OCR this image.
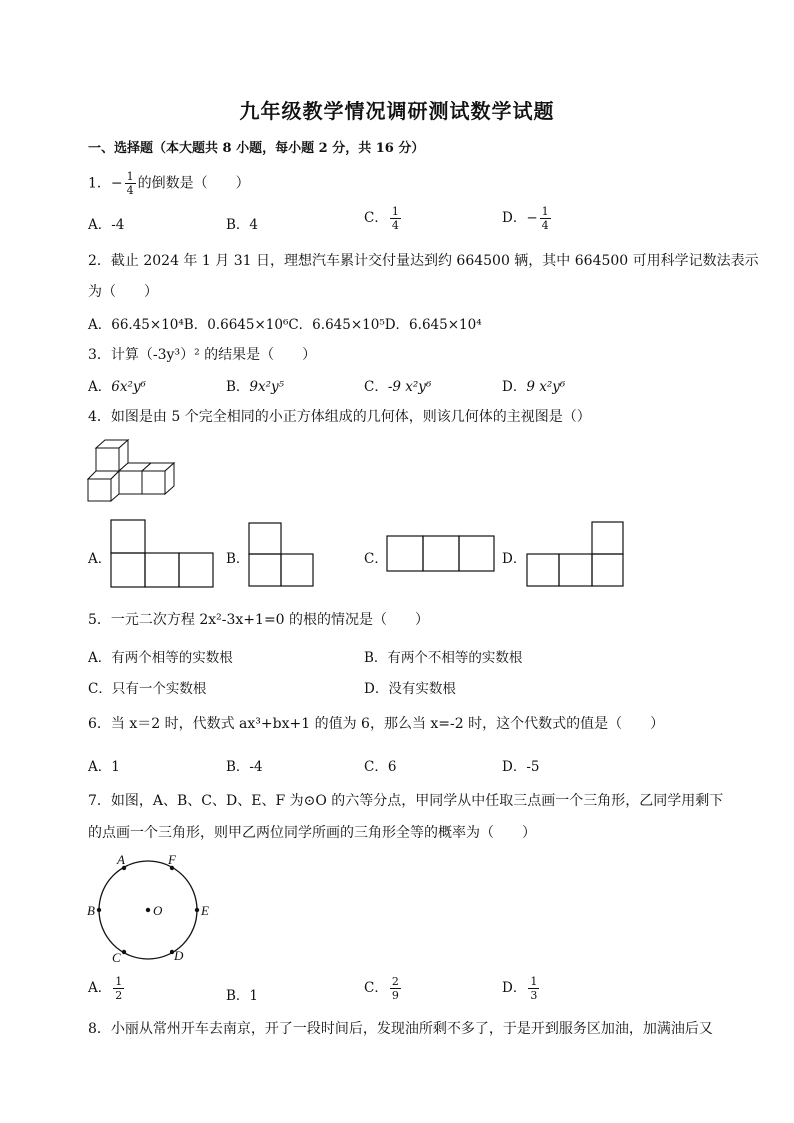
九年级教学情况调研测试数学试题
一、选择题（本大题共 8 小题，每小题 2 分，共 16 分）
1．− $\frac{1}{4}$ 的倒数是（　　）
A．-4	B．4	C． $\frac{1}{4}$	D．− $\frac{1}{4}$
2．截止 2024 年 1 月 31 日，理想汽车累计交付量达到约 664500 辆，其中 664500 可用科学记数法表示
为（　　）
A．66.45×10⁴B．0.6645×10⁶C．6.645×10⁵D．6.645×10⁴
3．计算（-3y³）² 的结果是（　　）
A．6x²y⁶	B．9x²y⁵	C．-9 x²y⁶	D．9 x²y⁶
4．如图是由 5 个完全相同的小正方体组成的几何体，则该几何体的主视图是（）
A．	B．	C．	D．
5．一元二次方程 2x²-3x+1=0 的根的情况是（　　）
A．有两个相等的实数根	B．有两个不相等的实数根
C．只有一个实数根	D．没有实数根
6．当 x＝2 时，代数式 ax³+bx+1 的值为 6，那么当 x=-2 时，这个代数式的值是（　　）
A．1	B．-4	C．6	D．-5
7．如图，A、B、C、D、E、F 为⊙O 的六等分点，甲同学从中任取三点画一个三角形，乙同学用剩下
的点画一个三角形，则甲乙两位同学所画的三角形全等的概率为（　　）
A	F
B	E
C	D
O
A． $\frac{1}{2}$	B．1	C． $\frac{2}{9}$	D． $\frac{1}{3}$
8．小丽从常州开车去南京，开了一段时间后，发现油所剩不多了，于是开到服务区加油，加满油后又
